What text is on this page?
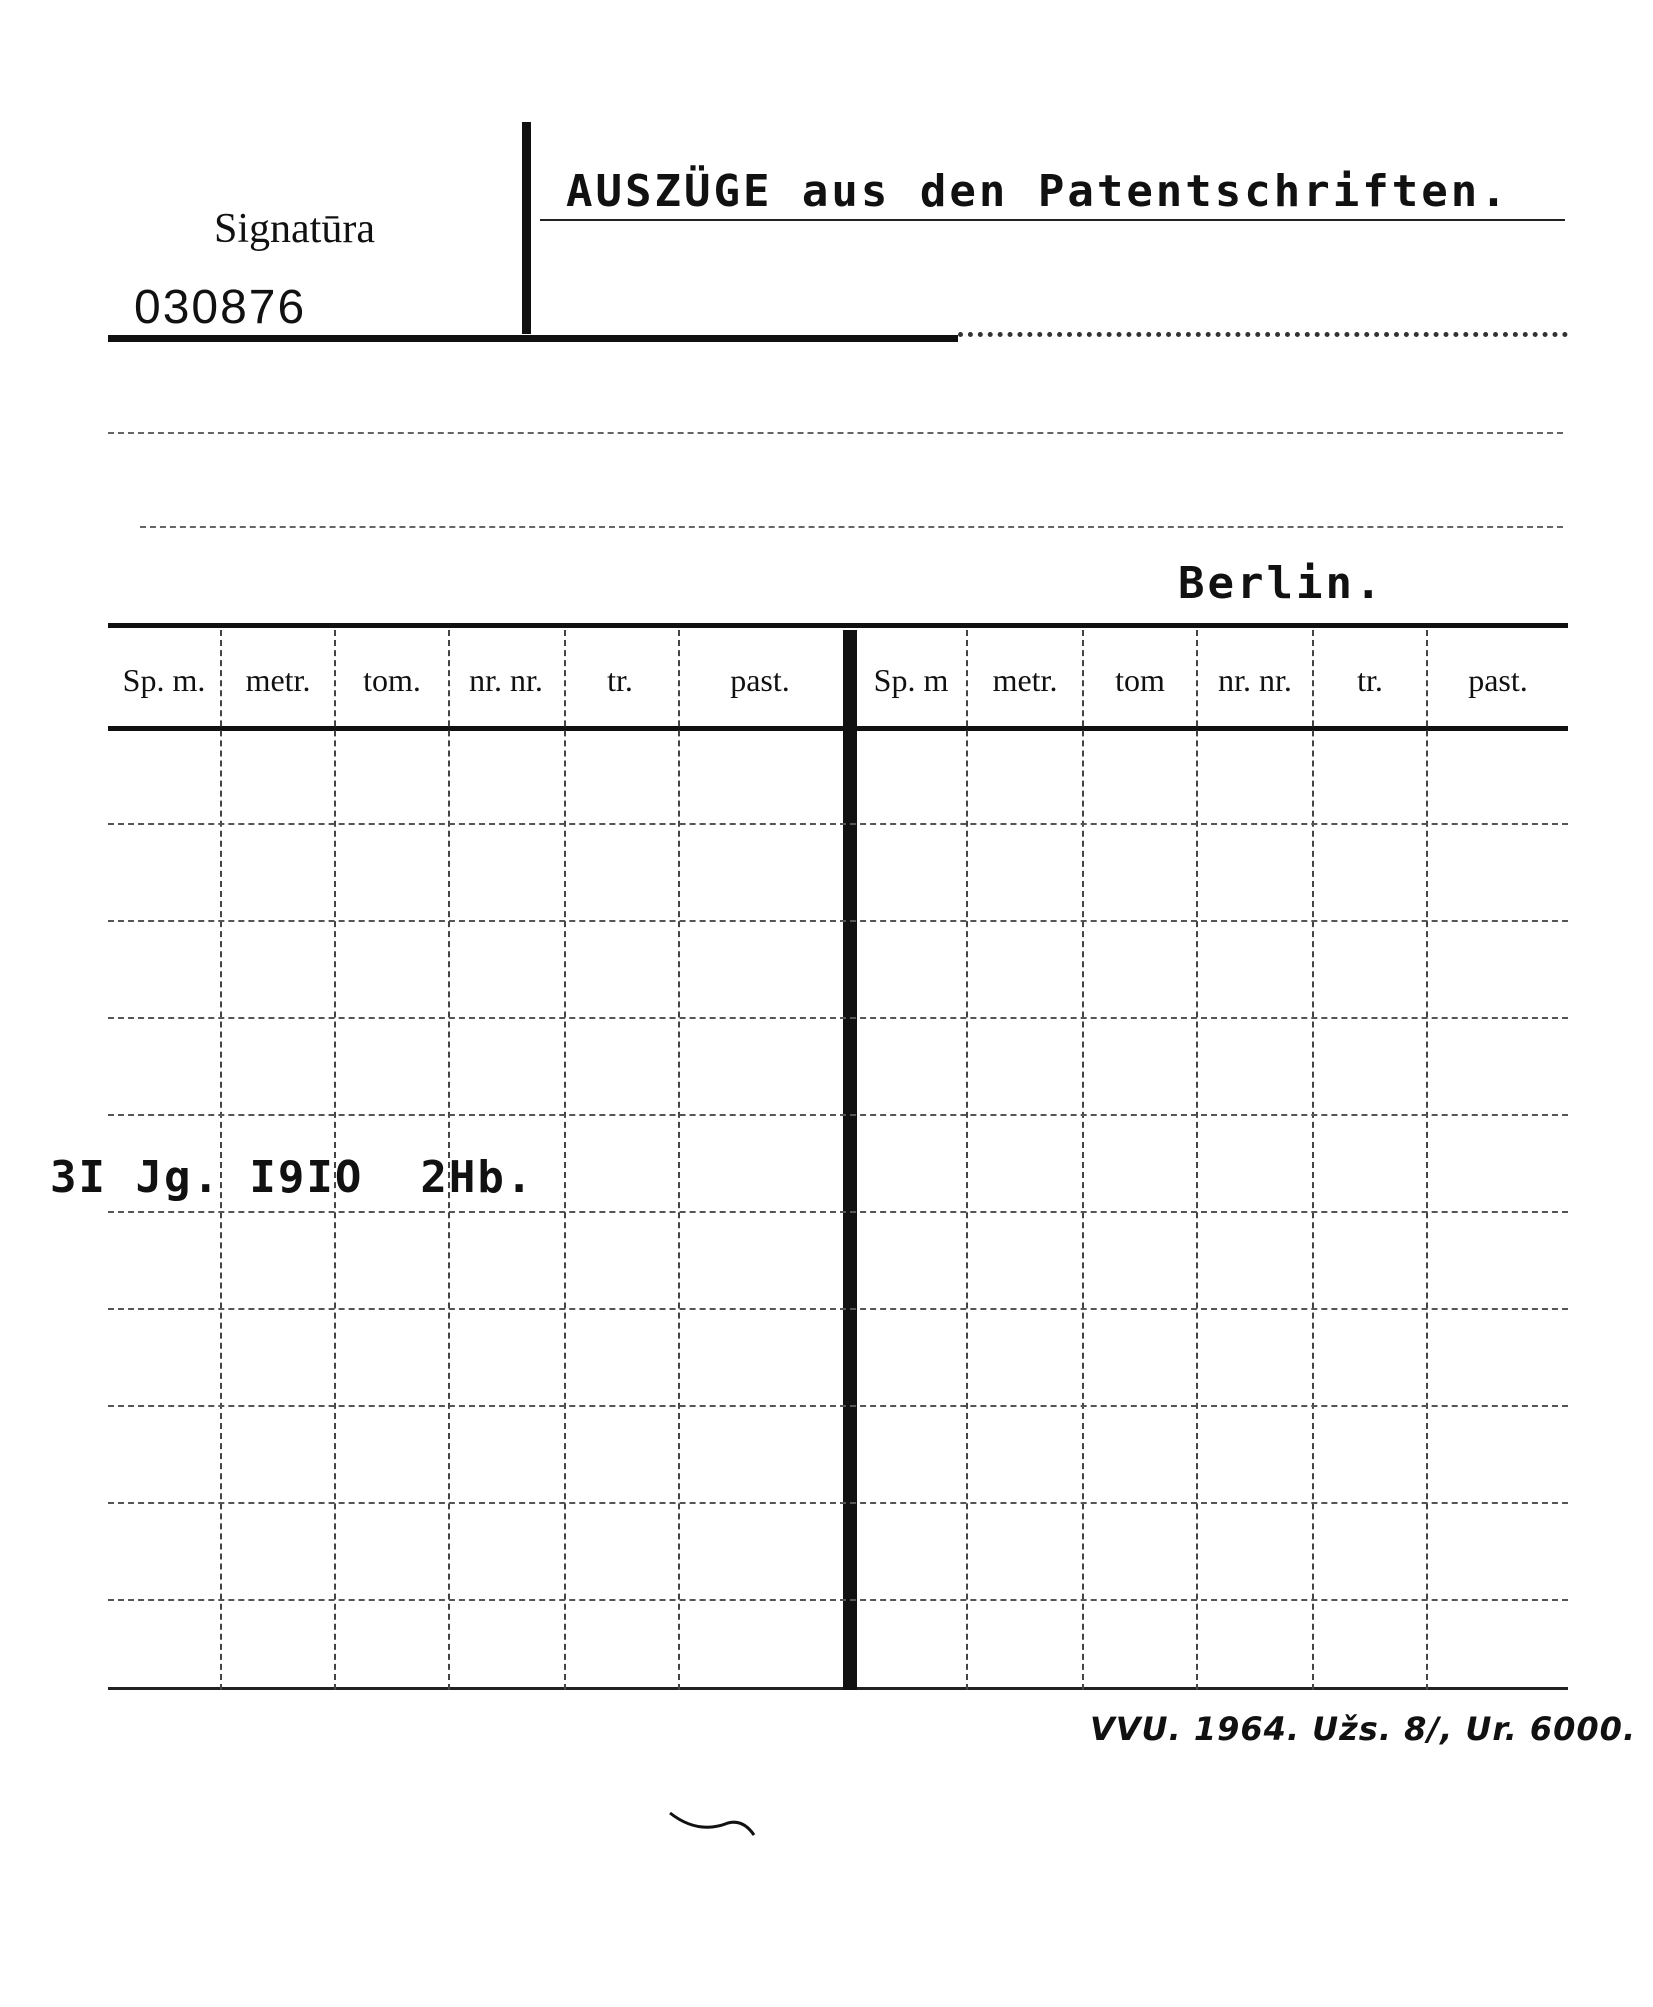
Signatūra
030876
AUSZÜGE aus den Patentschriften.
Berlin.
Sp. m.	metr.	tom.	nr. nr.	tr.	past.	Sp. m	metr.	tom	nr. nr.	tr.	past.
3I Jg. I9IO  2Hb.
VVU. 1964. Užs. 8/, Ur. 6000.
